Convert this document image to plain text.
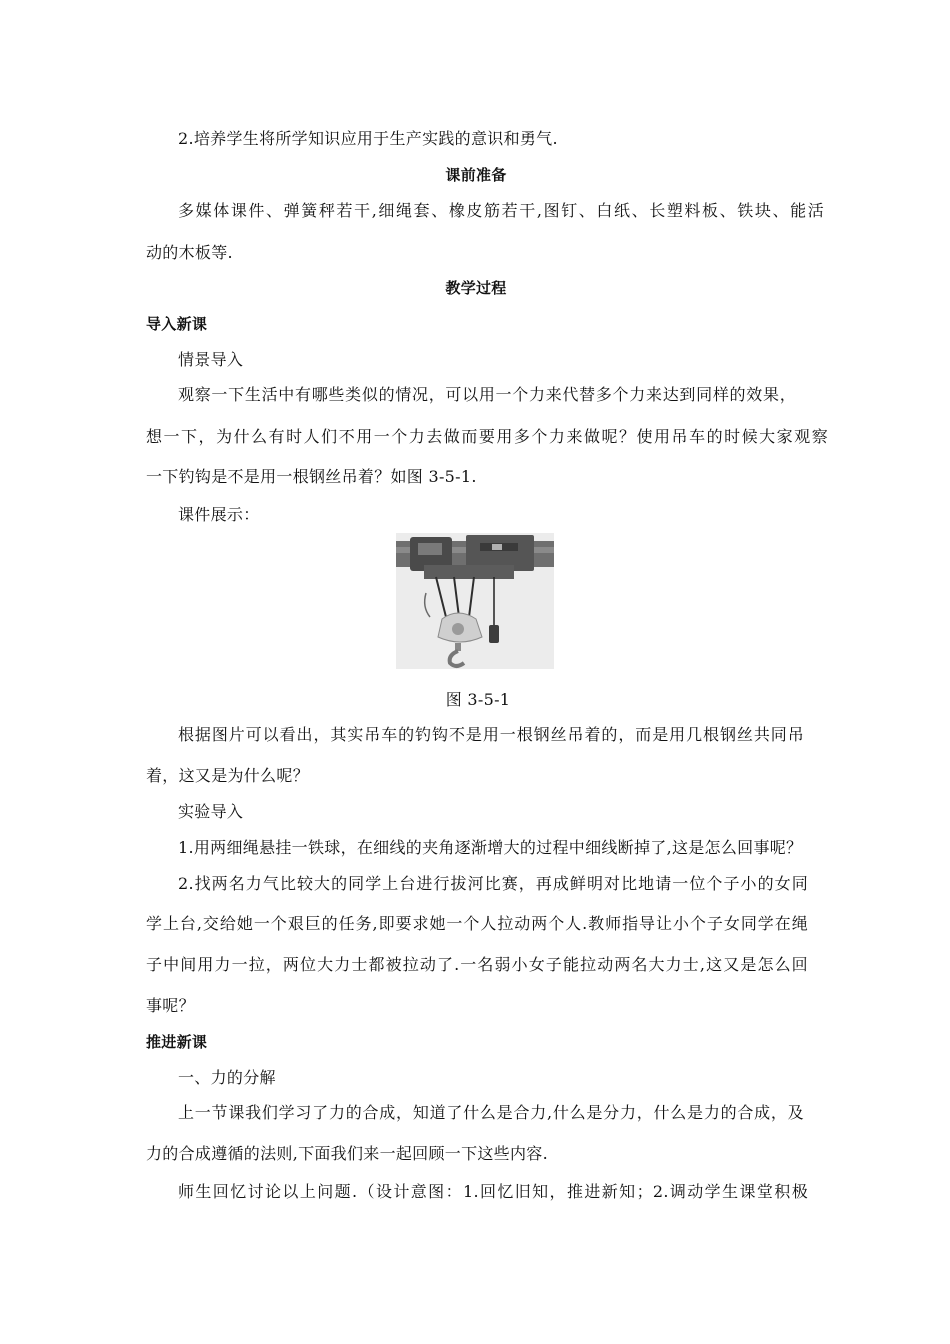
2.培养学生将所学知识应用于生产实践的意识和勇气.
课前准备
多媒体课件、弹簧秤若干,细绳套、橡皮筋若干,图钉、白纸、长塑料板、铁块、能活
动的木板等.
教学过程
导入新课
情景导入
观察一下生活中有哪些类似的情况，可以用一个力来代替多个力来达到同样的效果，
想一下，为什么有时人们不用一个力去做而要用多个力来做呢？使用吊车的时候大家观察
一下钓钩是不是用一根钢丝吊着？如图 3-5-1.
课件展示：
图 3-5-1
根据图片可以看出，其实吊车的钓钩不是用一根钢丝吊着的，而是用几根钢丝共同吊
着，这又是为什么呢？
实验导入
1.用两细绳悬挂一铁球，在细线的夹角逐渐增大的过程中细线断掉了,这是怎么回事呢？
2.找两名力气比较大的同学上台进行拔河比赛，再成鲜明对比地请一位个子小的女同
学上台,交给她一个艰巨的任务,即要求她一个人拉动两个人.教师指导让小个子女同学在绳
子中间用力一拉，两位大力士都被拉动了.一名弱小女子能拉动两名大力士,这又是怎么回
事呢？
推进新课
一、力的分解
上一节课我们学习了力的合成，知道了什么是合力,什么是分力，什么是力的合成，及
力的合成遵循的法则,下面我们来一起回顾一下这些内容.
师生回忆讨论以上问题.（设计意图：1.回忆旧知，推进新知；2.调动学生课堂积极
